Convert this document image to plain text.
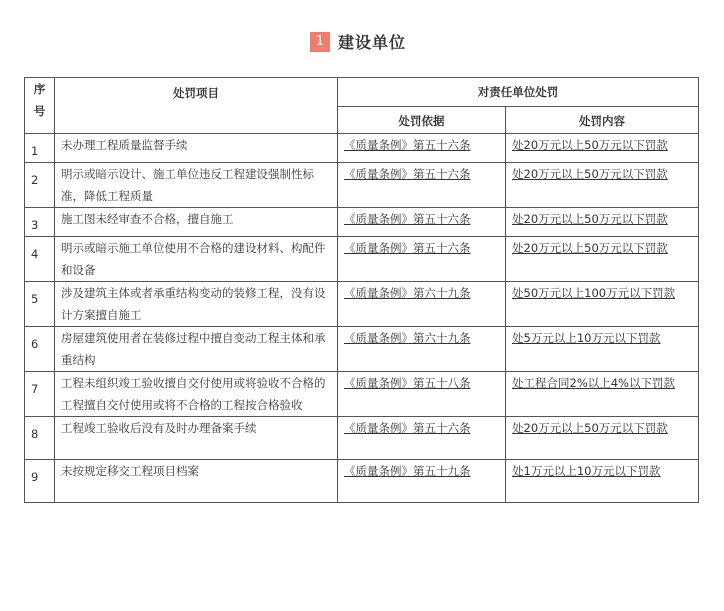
1 建设单位
序号	处罚项目	对责任单位处罚	
		处罚依据	处罚内容
1	未办理工程质量监督手续	《质量条例》第五十六条	处20万元以上50万元以下罚款
2	明示或暗示设计、施工单位违反工程建设强制性标准，降低工程质量	《质量条例》第五十六条	处20万元以上50万元以下罚款
3	施工图未经审查不合格，擅自施工	《质量条例》第五十六条	处20万元以上50万元以下罚款
4	明示或暗示施工单位使用不合格的建设材料、构配件和设备	《质量条例》第五十六条	处20万元以上50万元以下罚款
5	涉及建筑主体或者承重结构变动的装修工程，没有设计方案擅自施工	《质量条例》第六十九条	处50万元以上100万元以下罚款
6	房屋建筑使用者在装修过程中擅自变动工程主体和承重结构	《质量条例》第六十九条	处5万元以上10万元以下罚款
7	工程未组织竣工验收擅自交付使用或将验收不合格的工程擅自交付使用或将不合格的工程按合格验收	《质量条例》第五十八条	处工程合同2%以上4%以下罚款
8	工程竣工验收后没有及时办理备案手续	《质量条例》第五十六条	处20万元以上50万元以下罚款
9	未按规定移交工程项目档案	《质量条例》第五十九条	处1万元以上10万元以下罚款
